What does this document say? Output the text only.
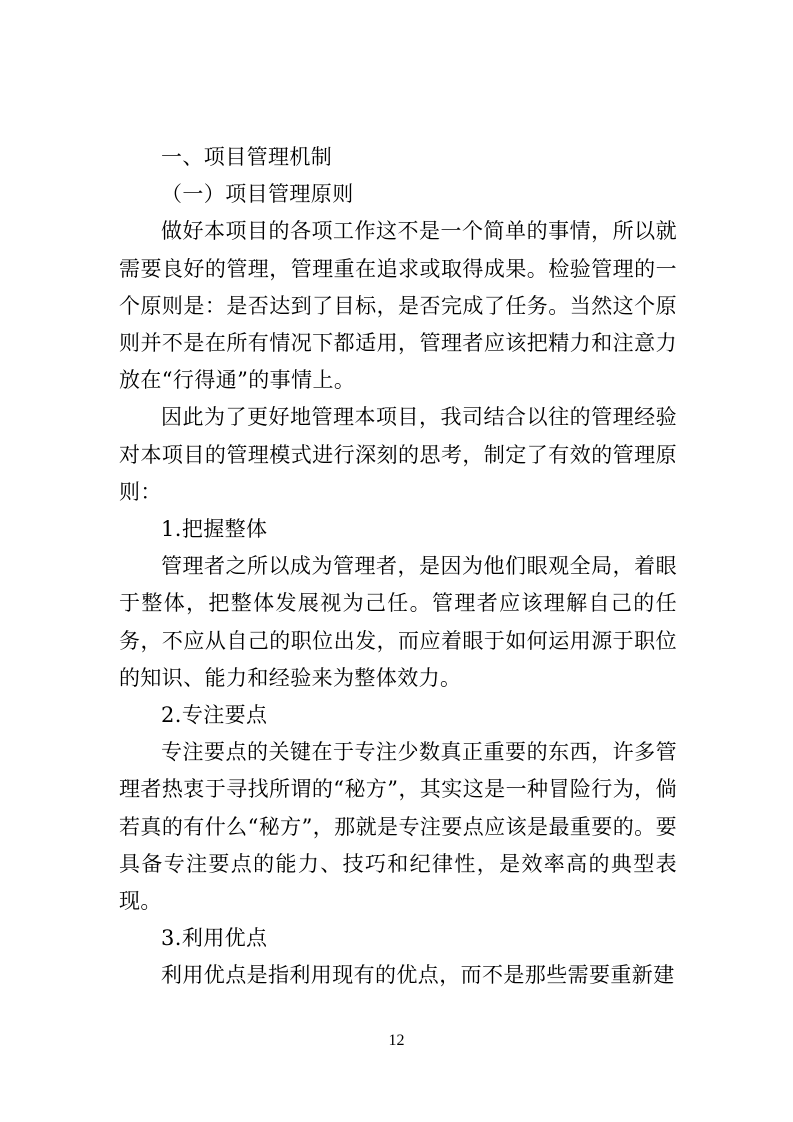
一、项目管理机制

（一）项目管理原则

做好本项目的各项工作这不是一个简单的事情，所以就需要良好的管理，管理重在追求或取得成果。检验管理的一个原则是：是否达到了目标，是否完成了任务。当然这个原则并不是在所有情况下都适用，管理者应该把精力和注意力放在“行得通”的事情上。

因此为了更好地管理本项目，我司结合以往的管理经验对本项目的管理模式进行深刻的思考，制定了有效的管理原则：

1.把握整体

管理者之所以成为管理者，是因为他们眼观全局，着眼于整体，把整体发展视为己任。管理者应该理解自己的任务，不应从自己的职位出发，而应着眼于如何运用源于职位的知识、能力和经验来为整体效力。

2.专注要点

专注要点的关键在于专注少数真正重要的东西，许多管理者热衷于寻找所谓的“秘方”，其实这是一种冒险行为，倘若真的有什么“秘方”，那就是专注要点应该是最重要的。要具备专注要点的能力、技巧和纪律性，是效率高的典型表现。

3.利用优点

利用优点是指利用现有的优点，而不是那些需要重新建

12
